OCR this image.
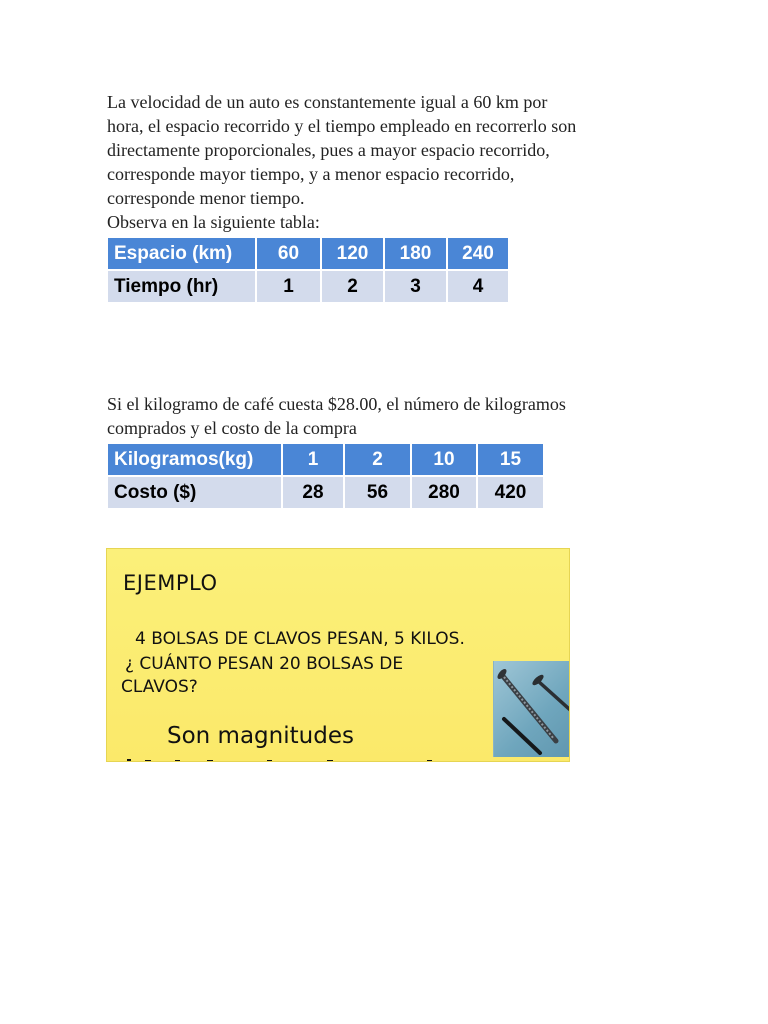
La velocidad de un auto es constantemente igual a 60 km por

hora, el espacio recorrido y el tiempo empleado en recorrerlo son

directamente proporcionales, pues a mayor espacio recorrido,

corresponde mayor tiempo, y a menor espacio recorrido,

corresponde menor tiempo.

Observa en la siguiente tabla:

Espacio (km)	60	120	180	240
Tiempo (hr)	1	2	3	4

Si el kilogramo de café cuesta $28.00, el número de kilogramos

comprados y el costo de la compra

Kilogramos(kg)	1	2	10	15
Costo ($)	28	56	280	420
EJEMPLO
4 BOLSAS DE CLAVOS PESAN, 5 KILOS.
¿ CUÁNTO PESAN 20 BOLSAS DE
CLAVOS?
Son magnitudes
